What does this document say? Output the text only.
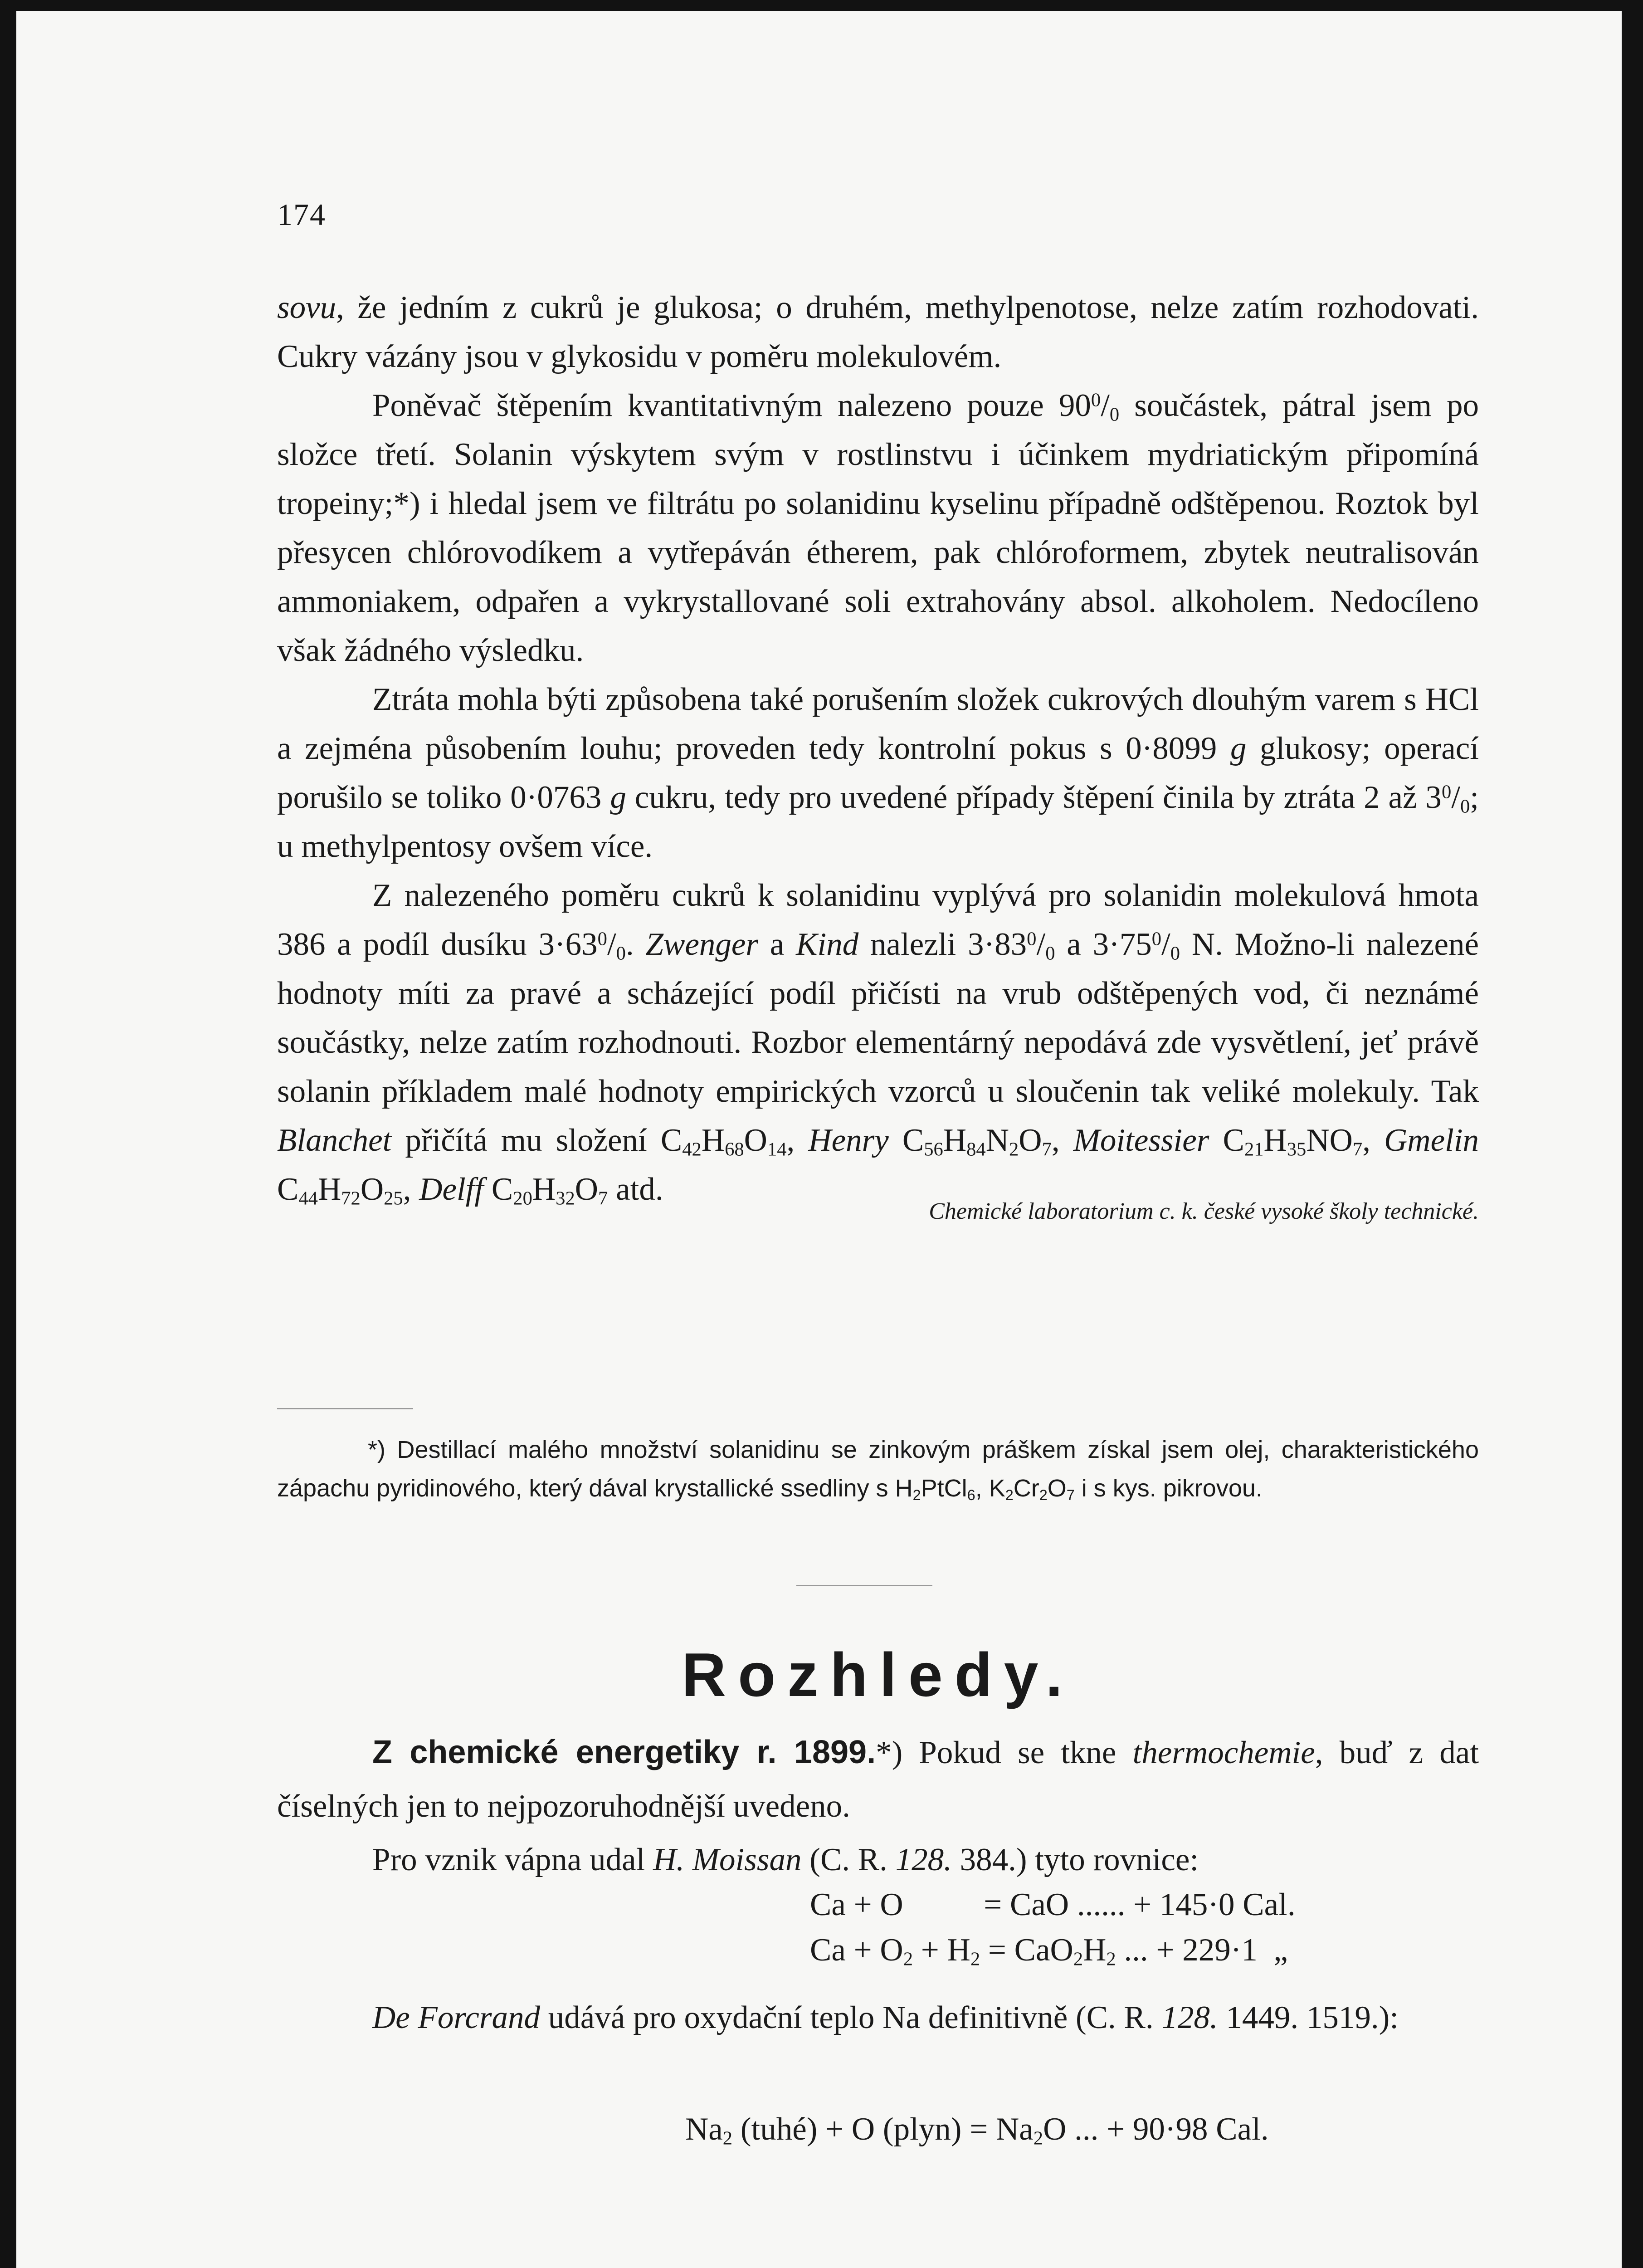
174

sovu, že jedním z cukrů je glukosa; o druhém, methylpenotose, nelze zatím rozhodovati. Cukry vázány jsou v glykosidu v poměru molekulovém.

Poněvač štěpením kvantitativným nalezeno pouze $90^0/_0$ součástek, pátral jsem po složce třetí. Solanin výskytem svým v rostlinstvu i účinkem mydriatickým připomíná tropeiny;*) i hledal jsem ve filtrátu po solanidinu kyselinu případně odštěpenou. Roztok byl přesycen chlórovodíkem a vytřepáván étherem, pak chlóroformem, zbytek neutralisován ammoniakem, odpařen a vykrystallované soli extrahovány absol. alkoholem. Nedocíleno však žádného výsledku.

Ztráta mohla býti způsobena také porušením složek cukrových dlouhým varem s HCl a zejména působením louhu; proveden tedy kontrolní pokus s 0·8099 g glukosy; operací porušilo se toliko 0·0763 g cukru, tedy pro uvedené případy štěpení činila by ztráta 2 až $3^0/_0$; u methylpentosy ovšem více.

Z nalezeného poměru cukrů k solanidinu vyplývá pro solanidin molekulová hmota 386 a podíl dusíku $3\cdot 63^0/_0$. Zwenger a Kind nalezli $3\cdot 83^0/_0$ a $3\cdot 75^0/_0$ N. Možno-li nalezené hodnoty míti za pravé a scházející podíl přičísti na vrub odštěpených vod, či neznámé součástky, nelze zatím rozhodnouti. Rozbor elementárný nepodává zde vysvětlení, jeť právě solanin příkladem malé hodnoty empirických vzorců u sloučenin tak veliké molekuly. Tak Blanchet přičítá mu složení $C_{42}H_{68}O_{14}$, Henry $C_{56}H_{84}N_2O_7$, Moitessier $C_{21}H_{35}NO_7$, Gmelin $C_{44}H_{72}O_{25}$, Delff $C_{20}H_{32}O_7$ atd.

Chemické laboratorium c. k. české vysoké školy technické.
*) Destillací malého množství solanidinu se zinkovým práškem získal jsem olej, charakteristického zápachu pyridinového, který dával krystallické ssedliny s $H_2PtCl_6$, $K_2Cr_2O_7$ i s kys. pikrovou.
Rozhledy.

Z chemické energetiky r. 1899.*) Pokud se tkne thermochemie, buď z dat číselných jen to nejpozoruhodnější uvedeno.

Pro vznik vápna udal H. Moissan (C. R. 128. 384.) tyto rovnice:

Ca + O          = CaO ...... + 145·0 Cal.
$Ca + O_2 + H_2 = CaO_2H_2$ ... + 229·1  „

De Forcrand udává pro oxydační teplo Na definitivně (C. R. 128. 1449. 1519.):

$Na_2$ (tuhé) + O (plyn) = $Na_2O$ ... + 90·98 Cal.
